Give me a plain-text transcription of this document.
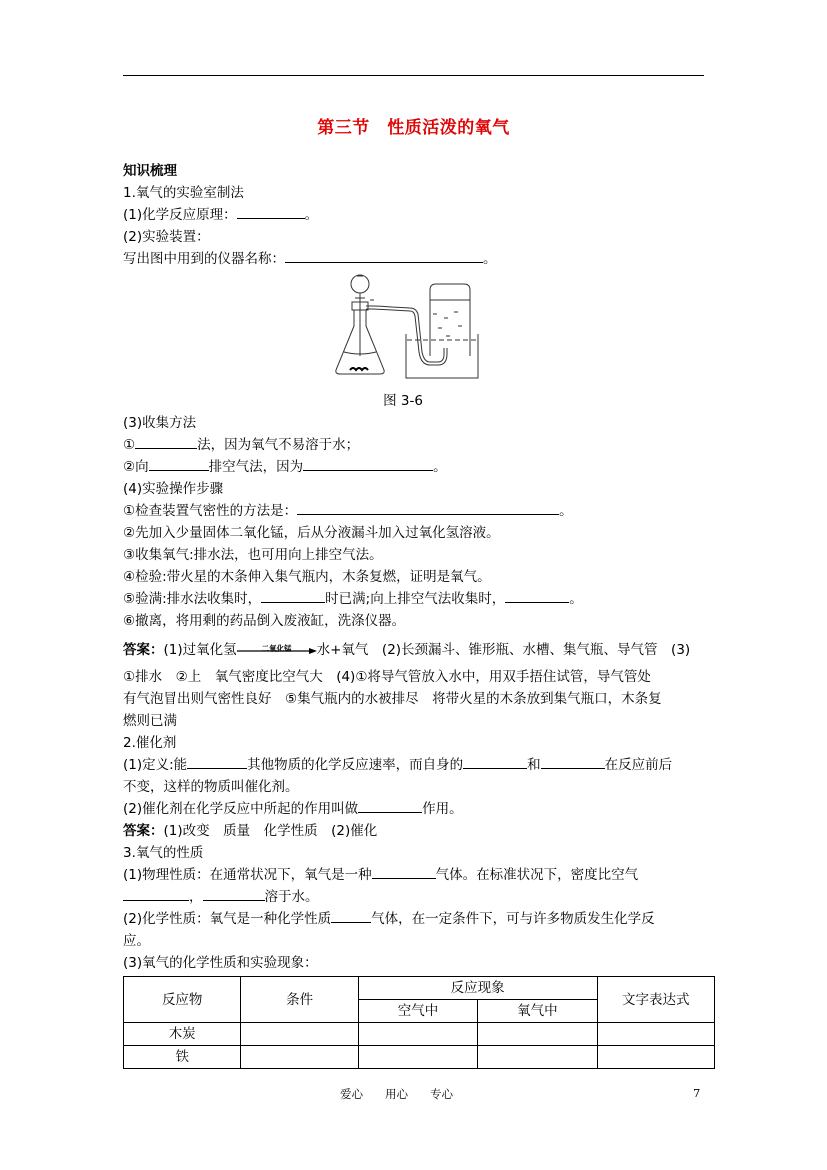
第三节　性质活泼的氧气
知识梳理
1.氧气的实验室制法
(1)化学反应原理：	。
(2)实验装置：
写出图中用到的仪器名称：	。
图 3-6
(3)收集方法
①	法，因为氧气不易溶于水；
②向	排空气法，因为	。
(4)实验操作步骤
①检查装置气密性的方法是：	。
②先加入少量固体二氧化锰，后从分液漏斗加入过氧化氢溶液。
③收集氧气:排水法，也可用向上排空气法。
④检验:带火星的木条伸入集气瓶内，木条复燃，证明是氧气。
⑤验满:排水法收集时，	时已满;向上排空气法收集时，	。
⑥撤离，将用剩的药品倒入废液缸，洗涤仪器。
答案：(1)过氧化氢	二氧化锰	水+氧气　(2)长颈漏斗、锥形瓶、水槽、集气瓶、导气管　(3)
①排水　②上　氧气密度比空气大　(4)①将导气管放入水中，用双手捂住试管，导气管处
有气泡冒出则气密性良好　⑤集气瓶内的水被排尽　将带火星的木条放到集气瓶口，木条复
燃则已满
2.催化剂
(1)定义:能	其他物质的化学反应速率，而自身的	和	在反应前后
不变，这样的物质叫催化剂。
(2)催化剂在化学反应中所起的作用叫做	作用。
答案：(1)改变　质量　化学性质　(2)催化
3.氧气的性质
(1)物理性质：在通常状况下，氧气是一种	气体。在标准状况下，密度比空气
，	溶于水。
(2)化学性质：氧气是一种化学性质	气体，在一定条件下，可与许多物质发生化学反
应。
(3)氧气的化学性质和实验现象：
反应物	条件	反应现象		文字表达式
		空气中	氧气中	
木炭				
铁				
爱心 用心 专心	7
